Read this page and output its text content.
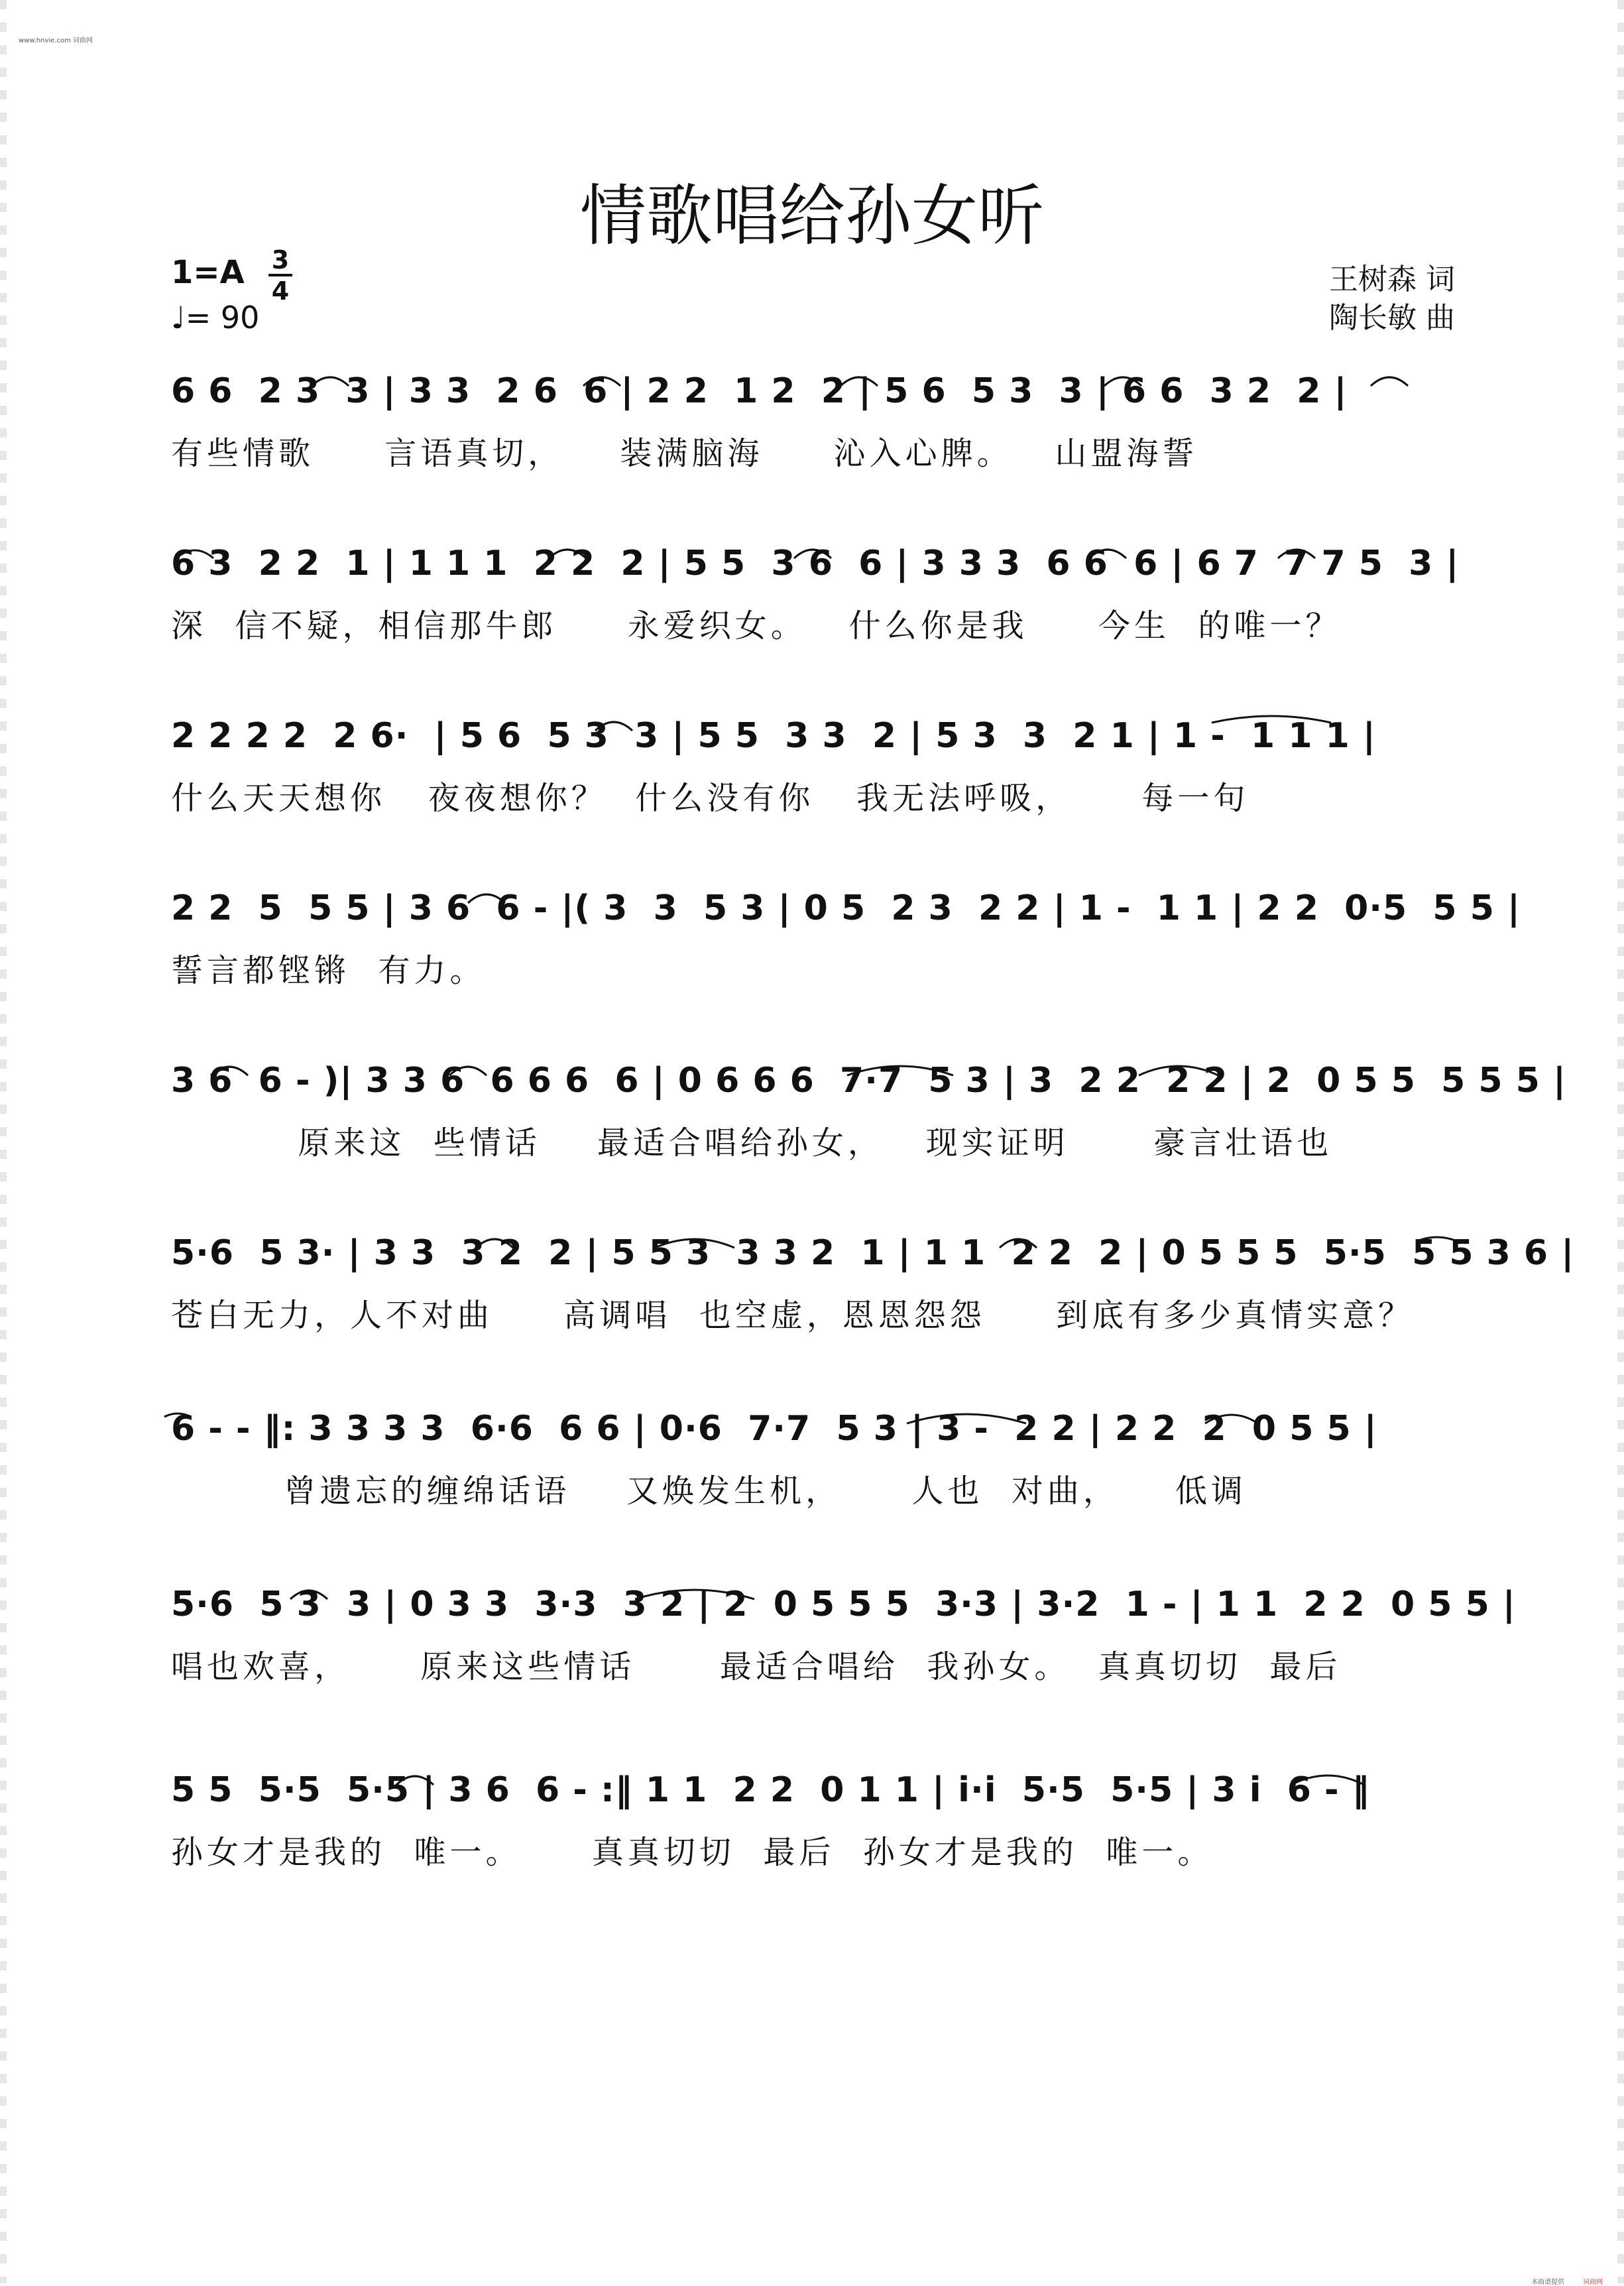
www.hnvie.com 词曲网
本曲谱提供	词曲网
情歌唱给孙女听
1=A 3
4
♩= 90
王树森 词
陶长敏 曲
6 6  2 3  3 | 3 3  2 6  6 | 2 2  1 2  2 | 5 6  5 3  3 | 6 6  3 2  2 |
有些情歌     言语真切，    装满脑海     沁入心脾。   山盟海誓
6 3  2 2  1 | 1 1 1  2 2  2 | 5 5  3 6  6 | 3 3 3  6 6  6 | 6 7  7 7 5  3 |
深  信不疑，相信那牛郎     永爱织女。   什么你是我     今生  的唯一？
2 2 2 2  2 6·  | 5 6  5 3  3 | 5 5  3 3  2 | 5 3  3  2 1 | 1 -  1 1 1 |
什么天天想你   夜夜想你？  什么没有你   我无法呼吸，     每一句
2 2  5  5 5 | 3 6  6 - |( 3  3  5 3 | 0 5  2 3  2 2 | 1 -  1 1 | 2 2  0·5  5 5 |
誓言都铿锵  有力。
3 6  6 - )| 3 3 6  6 6 6  6 | 0 6 6 6  7·7  5 3 | 3  2 2  2 2 | 2  0 5 5  5 5 5 |
原来这  些情话    最适合唱给孙女，   现实证明      豪言壮语也
5·6  5 3· | 3 3  3 2  2 | 5 5 3  3 3 2  1 | 1 1  2 2  2 | 0 5 5 5  5·5  5 5 3 6 |
苍白无力，人不对曲     高调唱  也空虚，恩恩怨怨     到底有多少真情实意？
6 - - ‖: 3 3 3 3  6·6  6 6 | 0·6  7·7  5 3 | 3 -  2 2 | 2 2  2  0 5 5 |
曾遗忘的缠绵话语    又焕发生机，     人也  对曲，    低调
5·6  5 3  3 | 0 3 3  3·3  3 2 | 2  0 5 5 5  3·3 | 3·2  1 - | 1 1  2 2  0 5 5 |
唱也欢喜，     原来这些情话      最适合唱给  我孙女。  真真切切  最后
5 5  5·5  5·5 | 3 6  6 - :‖ 1 1  2 2  0 1 1 | i·i  5·5  5·5 | 3 i  6 - ‖
孙女才是我的  唯一。     真真切切  最后  孙女才是我的  唯一。
